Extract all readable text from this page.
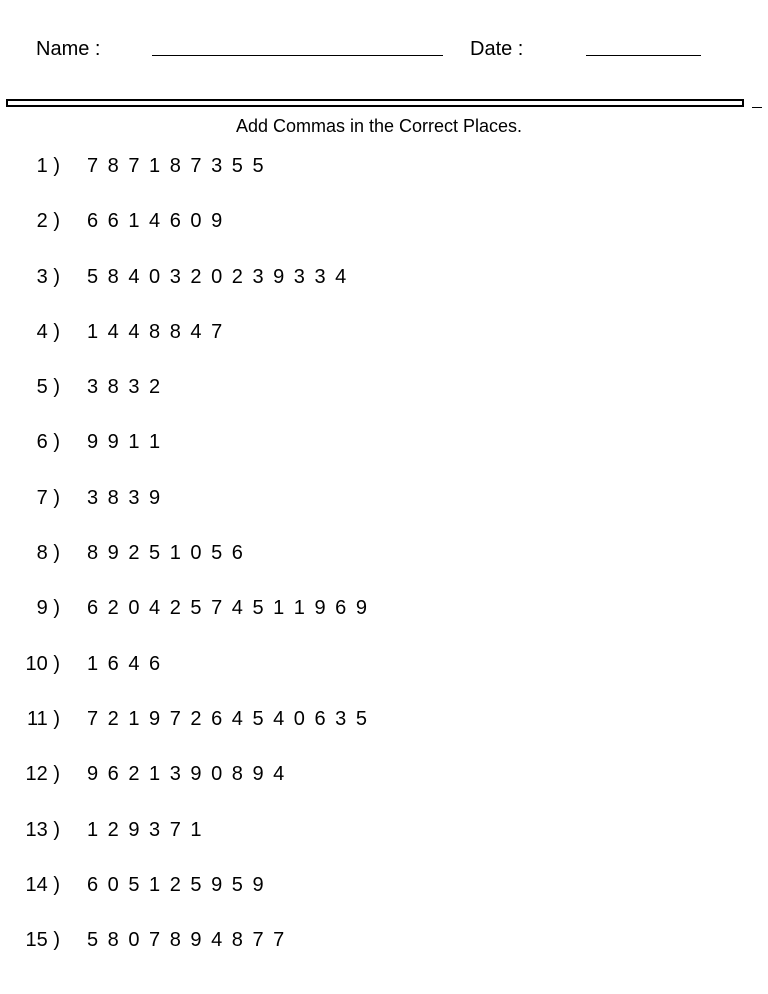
Name :	Date :
Add Commas in the Correct Places.
1 ) 7 8 7 1 8 7 3 5 5
2 ) 6 6 1 4 6 0 9
3 ) 5 8 4 0 3 2 0 2 3 9 3 3 4
4 ) 1 4 4 8 8 4 7
5 ) 3 8 3 2
6 ) 9 9 1 1
7 ) 3 8 3 9
8 ) 8 9 2 5 1 0 5 6
9 ) 6 2 0 4 2 5 7 4 5 1 1 9 6 9
10 ) 1 6 4 6
11 ) 7 2 1 9 7 2 6 4 5 4 0 6 3 5
12 ) 9 6 2 1 3 9 0 8 9 4
13 ) 1 2 9 3 7 1
14 ) 6 0 5 1 2 5 9 5 9
15 ) 5 8 0 7 8 9 4 8 7 7
